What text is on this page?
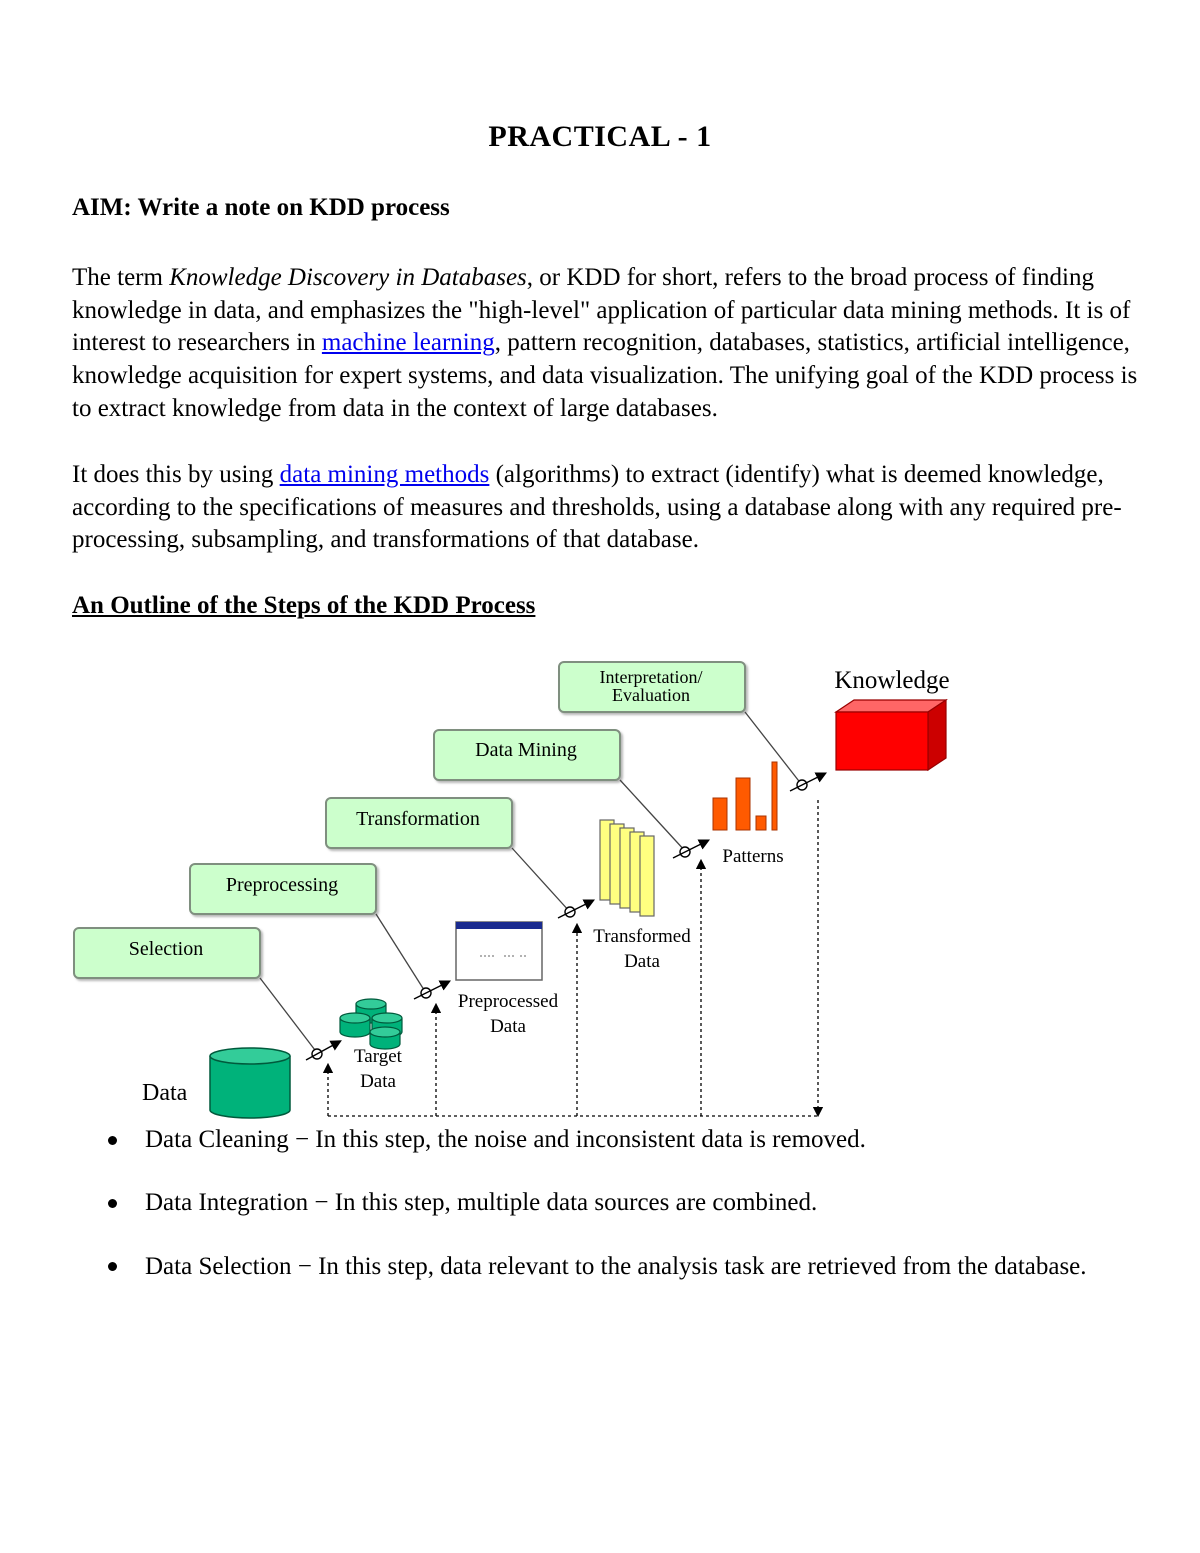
PRACTICAL - 1
AIM: Write a note on KDD process
The term Knowledge Discovery in Databases, or KDD for short, refers to the broad process of finding knowledge in data, and emphasizes the "high-level" application of particular data mining methods. It is of interest to researchers in machine learning, pattern recognition, databases, statistics, artificial intelligence, knowledge acquisition for expert systems, and data visualization. The unifying goal of the KDD process is to extract knowledge from data in the context of large databases.
It does this by using data mining methods (algorithms) to extract (identify) what is deemed knowledge, according to the specifications of measures and thresholds, using a database along with any required pre-processing, subsampling, and transformations of that database.
An Outline of the Steps of the KDD Process
Selection
Preprocessing
Transformation
Data Mining
Interpretation/
Evaluation
Data
Target
Data
Preprocessed
Data
Transformed
Data
Patterns
Knowledge
Data Cleaning − In this step, the noise and inconsistent data is removed.
Data Integration − In this step, multiple data sources are combined.
Data Selection − In this step, data relevant to the analysis task are retrieved from the database.
